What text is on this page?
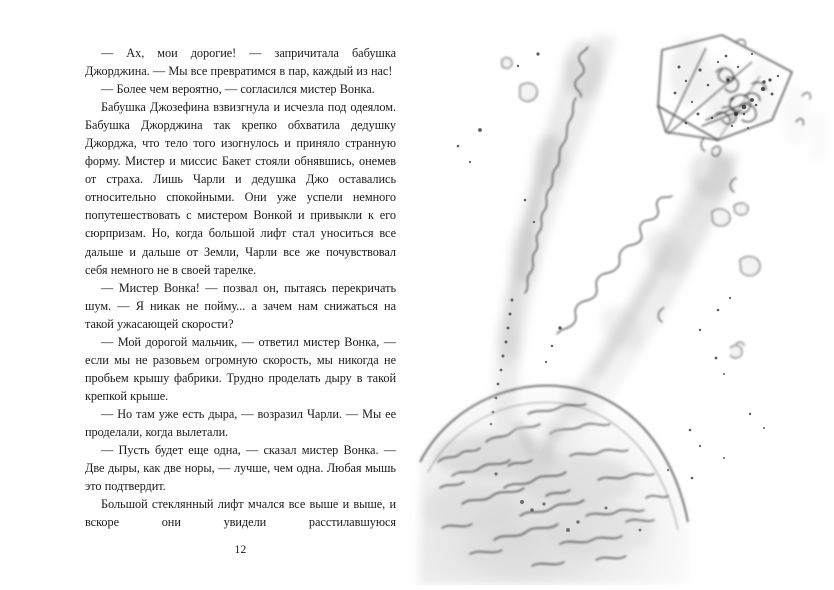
— Ах, мои дорогие! — запричитала бабушка Джорджина. — Мы все превратимся в пар, каждый из нас!

— Более чем вероятно, — согласился мистер Вонка.

Бабушка Джозефина взвизгнула и исчезла под одеялом. Бабушка Джорджина так крепко обхватила дедушку Джорджа, что тело того изогнулось и приняло странную форму. Мистер и миссис Бакет стояли обнявшись, онемев от страха. Лишь Чарли и дедушка Джо оставались относительно спокойными. Они уже успели немного попутешествовать с мистером Вонкой и привыкли к его сюрпризам. Но, когда большой лифт стал уноситься все дальше и дальше от Земли, Чарли все же почувствовал себя немного не в своей тарелке.

— Мистер Вонка! — позвал он, пытаясь перекричать шум. — Я никак не пойму... а зачем нам снижаться на такой ужасающей скорости?

— Мой дорогой мальчик, — ответил мистер Вонка, — если мы не разовьем огромную скорость, мы никогда не пробьем крышу фабрики. Трудно проделать дыру в такой крепкой крыше.

— Но там уже есть дыра, — возразил Чарли. — Мы ее проделали, когда вылетали.

— Пусть будет еще одна, — сказал мистер Вонка. — Две дыры, как две норы, — лучше, чем одна. Любая мышь это подтвердит.

Большой стеклянный лифт мчался все выше и выше, и вскоре они увидели расстилавшуюся

12
